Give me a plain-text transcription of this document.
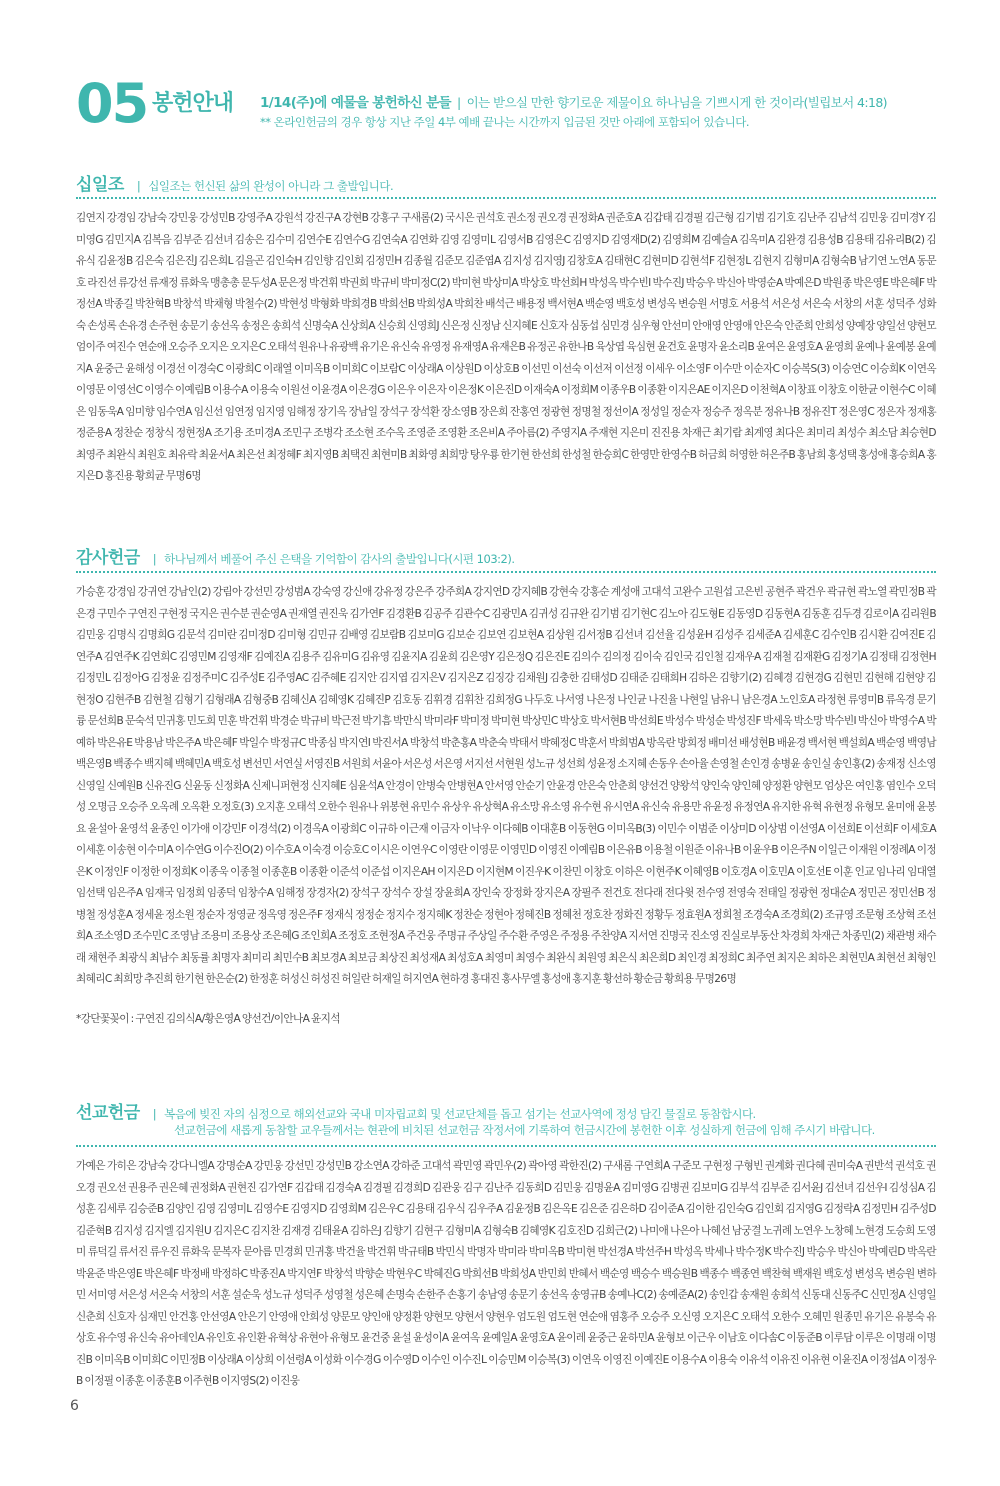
05 봉헌안내 1/14(주)에 예물을 봉헌하신 분들 | 이는 받으실 만한 향기로운 제물이요 하나님을 기쁘시게 한 것이라(빌립보서 4:18)
** 온라인헌금의 경우 항상 지난 주일 4부 예배 끝나는 시간까지 입금된 것만 아래에 포함되어 있습니다.
십일조 | 십일조는 헌신된 삶의 완성이 아니라 그 출발입니다.
김연지 강경임 강남숙 강민웅 강성민B 강영주A 강원석 강진구A 강현B 강홍구 구새롬(2) 국시은 권석호 권소정 권오경 권정화A 권준호A 김갑태 김경필 김근형 김기범 김기호 김난주 김남석 김민웅 김미경Y 김미영G 김민지A 김복음 김부준 김선녀 김송은 김수미 김연수E 김연수G 김연숙A 김연화 김영 김영미L 김영서B 김영은C 김영지D 김영재D(2) 김영희M 김예슬A 김옥미A 김완경 김용성B 김용태 김유리B(2) 김유식 김윤정B 김은숙 김은진J 김은희L 김을곤 김인숙H 김인향 김인회 김정민H 김종월 김준모 김준엽A 김지성 김지영J 김창호A 김태현C 김현미D 김현석F 김현정L 김현지 김형미A 김형숙B 남기연 노연A 동문호 라진선 류강선 류재정 류화욱 맹총총 문두성A 문은정 박건휘 박권희 박규비 박미정C(2) 박미현 박상미A 박상호 박선희H 박성옥 박수빈I 박수진J 박승우 박신아 박영순A 박예은D 박원종 박은영E 박은혜F 박정선A 박종길 박찬혁B 박창석 박채형 박철수(2) 박현성 박형화 박희경B 박희선B 박희성A 박희찬 배석근 배용정 백서현A 백순영 백호성 변성옥 변승원 서명호 서용석 서은성 서은숙 서창의 서훈 성덕주 성화숙 손성록 손유경 손주현 송문기 송선옥 송정은 송희석 신명숙A 신상희A 신승희 신영희J 신은정 신정남 신지혜E 신호자 심동섭 심민경 심우형 안선미 안애영 안영애 안은숙 안준희 안희성 양예장 양일선 양현모 엄이주 여진수 연순애 오승주 오지은 오지은C 오태석 원유나 유광백 유기은 유신숙 유영정 유재영A 유재은B 유정곤 유한나B 육상엽 육심현 윤건호 윤명자 윤소리B 윤여은 윤영호A 윤영희 윤예나 윤예봉 윤예지A 윤중근 윤해성 이경선 이경숙C 이광희C 이래열 이미옥B 이미희C 이보람C 이상래A 이상원D 이상호B 이선민 이선숙 이선저 이선정 이세우 이소영F 이수만 이순자C 이승복S(3) 이승연C 이승희K 이연옥 이영문 이영선C 이영수 이예림B 이용수A 이용숙 이원선 이윤경A 이은경G 이은우 이은자 이은정K 이은진D 이재숙A 이정희M 이종우B 이종환 이지은AE 이지은D 이천혁A 이창표 이창호 이한균 이현수C 이혜은 임동욱A 임미향 임수연A 임신선 임연정 임지영 임해정 장기옥 장남일 장석구 장석환 장소영B 장은희 잔홍연 정광현 정명철 정선이A 정성일 정순자 정승주 정옥분 정유나B 정유진T 정은영C 정은자 정재홍 정준용A 정찬순 정창식 정현정A 조기용 조미경A 조민구 조병각 조소현 조수옥 조영준 조영환 조은비A 주아름(2) 주영지A 주재현 지은미 진진용 차재근 최기람 최계영 최다은 최미리 최성수 최소담 최승현D 최영주 최완식 최원호 최유락 최윤서A 최은선 최정혜F 최지영B 최택진 최현미B 최화영 최희망 탕우룡 한기현 한선희 한성철 한승희C 한영만 한영수B 허금희 허영한 허은주B 홍남희 홍성택 홍성애 홍승희A 홍지은D 홍진용 황희균 무명6명
감사헌금 | 하나님께서 베풀어 주신 은택을 기억함이 감사의 출발입니다(시편 103:2).
가승훈 강경임 강귀연 강남인(2) 강림아 강선민 강성범A 강숙영 강신애 강유정 강은주 강주희A 강지연D 강지혜B 강현숙 강홍순 계성애 고대석 고완수 고원섭 고은빈 공현주 곽건우 곽규현 곽노열 곽민정B 곽은경 구민수 구연진 구현정 국지은 권수분 권순영A 권재열 권진욱 김가연F 김경환B 김공주 김관수C 김광민A 김귀성 김규완 김기범 김기현C 김노아 김도형E 김동영D 김동현A 김동훈 김두경 김로이A 김리원B 김민웅 김명식 김명희G 김문석 김미란 김미정D 김미형 김민규 김배영 김보람B 김보미G 김보순 김보연 김보현A 김상원 김서정B 김선녀 김선율 김성윤H 김성주 김세준A 김세훈C 김수인B 김시환 김여진E 김연주A 김연주K 김연희C 김영민M 김영재F 김예진A 김용주 김유미G 김유영 김윤지A 김윤희 김은영Y 김은정Q 김은진E 김의수 김의정 김이숙 김인국 김인철 김재우A 김재철 김재환G 김정기A 김정태 김정현H 김정민L 김정아G 김정윤 김정주미C 김주성E 김주영AC 김주혜E 김지안 김지엽 김지은V 김지은Z 김징강 김채원J 김충한 김태성D 김태준 김태희H 김하은 김향기(2) 김혜경 김현경G 김현민 김현해 김현양 김현정O 김현주B 김현철 김형기 김형래A 김형중B 김혜신A 김혜영K 김혜진P 김호동 김휘경 김휘찬 김희정G 나두호 나서영 나은정 나인균 나진율 나현일 남유니 남은경A 노인호A 라정현 류영미B 류옥경 문기륭 문선희B 문숙석 민귀홍 민도희 민훈 박건휘 박경순 박규비 박근전 박기흠 박만식 박미라F 박미정 박미현 박상민C 박상호 박서현B 박선희E 박성수 박성순 박성진F 박세욱 박소망 박수빈I 박신아 박영수A 박예하 박은유E 박용남 박은주A 박은혜F 박일수 박정규C 박종심 박지연I 박진서A 박창석 박춘홍A 박춘숙 박태서 박혜정C 박훈서 박희범A 방옥란 방희정 배미선 배성현B 배윤경 백서현 백설희A 백순영 백영남 백은영B 백종수 백지혜 백혜민A 백호성 변선민 서연실 서영진B 서원희 서윤아 서은성 서은영 서지선 서현원 성노규 성선희 성윤정 소지혜 손동우 손아율 손영철 손인경 송병윤 송인실 송인홍(2) 송재정 신소영 신영일 신예원B 신유진G 신윤동 신정화A 신제니퍼현정 신지혜E 심윤석A 안경이 안병숙 안병현A 안서영 안순기 안윤경 안은숙 안춘희 양선건 양왕석 양인숙 양인혜 양정환 양현모 엄상은 여인홍 염인수 오덕성 오명금 오승주 오옥례 오옥환 오정호(3) 오지훈 오태석 오한수 원유나 위봉현 유민수 유상우 유상혁A 유소망 유소영 유수현 유시연A 유신숙 유용만 유윤정 유정연A 유지한 유혁 유현정 유형모 윤미애 윤봉요 윤설아 윤영석 윤종인 이가애 이강민F 이경석(2) 이경옥A 이광희C 이규하 이근재 이금자 이낙우 이다혜B 이대훈B 이동현G 이미옥B(3) 이민수 이범준 이상미D 이상범 이선영A 이선희E 이선희F 이세호A 이세훈 이송현 이수미A 이수연G 이수진O(2) 이수호A 이숙경 이승호C 이시은 이연우C 이영란 이영문 이영민D 이영진 이예림B 이은유B 이용철 이원준 이유나B 이윤우B 이은주N 이일근 이재원 이정례A 이정은K 이정인F 이정한 이정희K 이종욱 이종철 이종훈B 이종환 이준석 이준섭 이지은AH 이지은D 이지현M 이진우K 이찬민 이창호 이하은 이현주K 이혜영B 이호경A 이호민A 이호선E 이훈 인교 임나리 임대열 임선택 임은주A 임재국 임정희 임종덕 임창수A 임해정 장경자(2) 장석구 장석수 장설 장윤희A 장인숙 장정화 장지은A 장필주 전건호 전다래 전다윗 전수영 전영숙 전태일 정광현 정대순A 정민곤 정민선B 정병철 정성훈A 정세윤 정소원 정순자 정영균 정옥영 정은주F 정재식 정정순 정지수 정지혜K 정찬순 정현아 정혜진B 정혜천 정호찬 정화진 정황두 정효원A 정희철 조경숙A 조경희(2) 조규영 조문형 조상혁 조선희A 조소영D 조수민C 조영남 조용미 조용상 조은혜G 조인희A 조정호 조현정A 주건웅 주명규 주상일 주수환 주영은 주정용 주찬양A 지서연 진명국 진소영 진실로부동산 차경희 차재근 차종민(2) 채관병 채수래 채현주 최광식 최남수 최동률 최명자 최미리 최민수B 최보경A 최보금 최상진 최성재A 최성호A 최영미 최영수 최완식 최원영 최은식 최은희D 최인경 최정희C 최주연 최지은 최하은 최현민A 최현선 최형인 최혜리C 최희망 추진희 한기현 한은순(2) 한정훈 허성신 허성진 허일란 허재일 허지연A 현하경 홍대진 홍사무엘 홍성애 홍지훈 황선하 황순금 황희용 무명26명
*강단꽃꽂이 : 구연진 김의식A/황은영A 양선건/이안나A 윤지석
선교헌금 | 복음에 빚진 자의 심정으로 해외선교와 국내 미자립교회 및 선교단체를 돕고 섬기는 선교사역에 정성 담긴 물질로 동참합시다.
선교헌금에 새롭게 동참할 교우들께서는 현관에 비치된 선교헌금 작정서에 기록하여 헌금시간에 봉헌한 이후 성실하게 헌금에 임해 주시기 바랍니다.
가예은 가히은 강남숙 강다니엘A 강명순A 강민웅 강선민 강성민B 강소연A 강하준 고대석 곽민영 곽민우(2) 곽아영 곽한진(2) 구새롬 구연희A 구준모 구현정 구형빈 권계화 권다혜 권미숙A 권반석 권석호 권오경 권오선 권용주 권은혜 권정화A 권현진 김가연F 김갑태 김경숙A 김경필 김경희D 김관웅 김구 김난주 김동희D 김민웅 김명윤A 김미영G 김병권 김보미G 김부석 김부준 김서윤J 김선녀 김선우I 김성심A 김성훈 김세루 김승준B 김양인 김영 김영미L 김영수E 김영지D 김영희M 김은우C 김용태 김우식 김우주A 김윤정B 김은옥E 김은준 김은하D 김이준A 김이한 김인숙G 김인회 김지영G 김정락A 김정민H 김주성D 김준혁B 김지성 김지엘 김지원U 김지은C 김지찬 김재경 김태윤A 김하은J 김향기 김현구 김형미A 김형숙B 김혜영K 김호진D 김희근(2) 나미애 나은아 나혜선 남궁결 노귀례 노연우 노창혜 노현경 도승희 도영미 류덕길 류서진 류우진 류화욱 문복자 문아름 민경희 민귀홍 박건율 박건휘 박규태B 박민식 박명자 박미라 박미옥B 박미현 박선경A 박선주H 박성옥 박세나 박수정K 박수진J 박승우 박신아 박예린D 박옥란 박윤준 박은영E 박은혜F 박정배 박정하C 박종진A 박지연F 박창석 박향순 박현우C 박혜진G 박희선B 박희성A 반민희 반혜서 백순영 백승수 백승원B 백종수 백종연 백찬혁 백재원 백호성 변성옥 변승원 변하민 서미영 서은성 서은숙 서창의 서훈 설순욱 성노규 성덕주 성영철 성은혜 손명숙 손한주 손홍기 송남영 송문기 송선옥 송영규B 송예나C(2) 송예준A(2) 송인갑 송재원 송희석 신동대 신동주C 신민정A 신영일 신춘희 신호자 심재민 안건홍 안선영A 안은기 안영애 안희성 양문모 양인애 양정환 양현모 양현서 양현우 엄도원 엄도현 연순애 염홍주 오승주 오신영 오지은C 오태석 오한수 오혜민 원종민 유기은 유봉숙 유상호 유수영 유신숙 유아데인A 유인호 유인환 유혁상 유현아 유형모 윤건중 윤설 윤성이A 윤여옥 윤예일A 윤영호A 윤이레 윤중근 윤하민A 윤형보 이근우 이남호 이다솜C 이동준B 이루담 이루은 이명래 이명진B 이미옥B 이미희C 이민정B 이상래A 이상희 이선령A 이성화 이수경G 이수영D 이수인 이수진L 이승민M 이승복(3) 이연옥 이영진 이예진E 이용수A 이용숙 이유석 이유진 이유현 이윤진A 이정섭A 이정우B 이정필 이종훈 이종훈B 이주현B 이지영S(2) 이진웅
6
